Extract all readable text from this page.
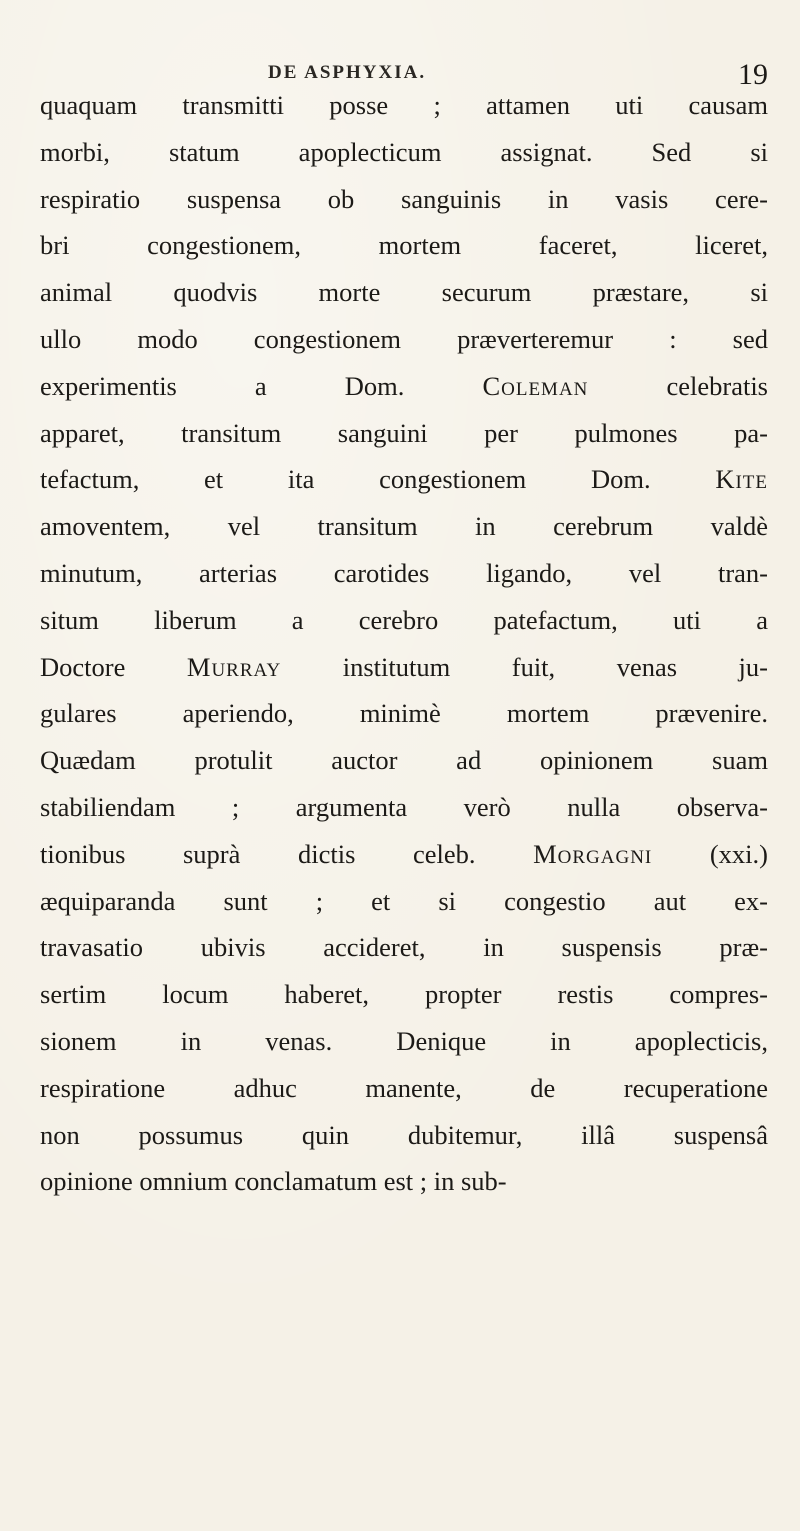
DE ASPHYXIA.	19
quaquam transmitti posse ; attamen uti causam
morbi, statum apoplecticum assignat. Sed si
respiratio suspensa ob sanguinis in vasis cere-
bri congestionem, mortem faceret, liceret,
animal quodvis morte securum præstare, si
ullo modo congestionem præverteremur : sed
experimentis a Dom. Coleman celebratis
apparet, transitum sanguini per pulmones pa-
tefactum, et ita congestionem Dom. Kite
amoventem, vel transitum in cerebrum valdè
minutum, arterias carotides ligando, vel tran-
situm liberum a cerebro patefactum, uti a
Doctore Murray institutum fuit, venas ju-
gulares aperiendo, minimè mortem prævenire.
Quædam protulit auctor ad opinionem suam
stabiliendam ; argumenta verò nulla observa-
tionibus suprà dictis celeb. Morgagni (xxi.)
æquiparanda sunt ; et si congestio aut ex-
travasatio ubivis accideret, in suspensis præ-
sertim locum haberet, propter restis compres-
sionem in venas. Denique in apoplecticis,
respiratione adhuc manente, de recuperatione
non possumus quin dubitemur, illâ suspensâ
opinione omnium conclamatum est ; in sub-
